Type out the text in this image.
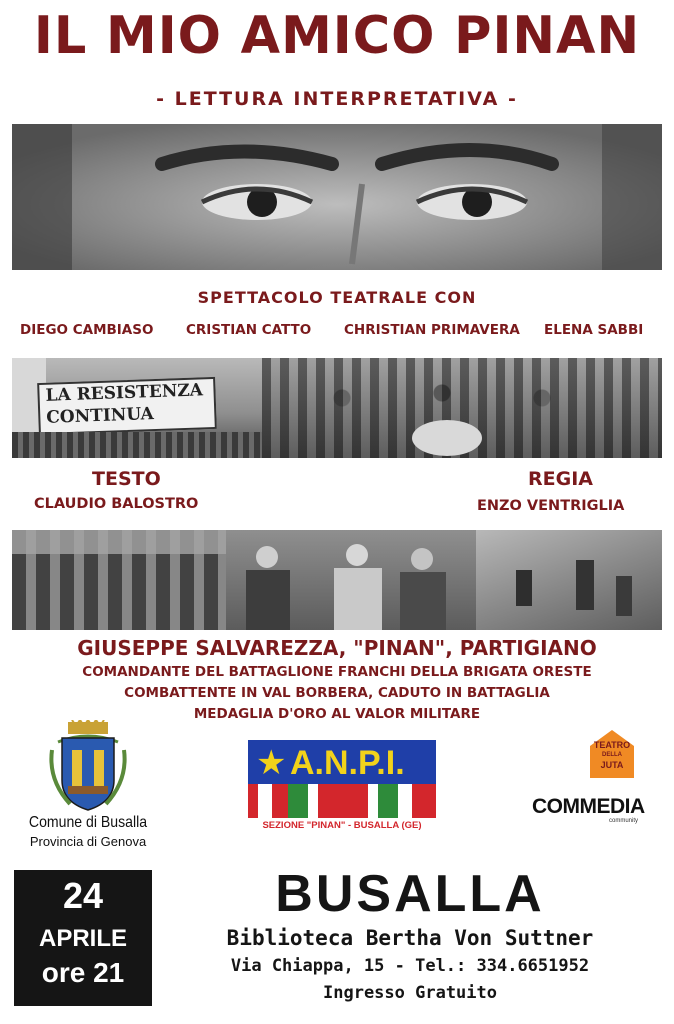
IL MIO AMICO PINAN
- LETTURA INTERPRETATIVA -
SPETTACOLO TEATRALE CON
DIEGO CAMBIASO CRISTIAN CATTO CHRISTIAN PRIMAVERA ELENA SABBI
LA RESISTENZA
CONTINUA
TESTO
CLAUDIO BALOSTRO
REGIA
ENZO VENTRIGLIA
GIUSEPPE SALVAREZZA, "PINAN", PARTIGIANO
COMANDANTE DEL BATTAGLIONE FRANCHI DELLA BRIGATA ORESTE
COMBATTENTE IN VAL BORBERA, CADUTO IN BATTAGLIA
MEDAGLIA D'ORO AL VALOR MILITARE
Comune di Busalla
Provincia di Genova
★ A.N.P.I.
SEZIONE "PINAN" - BUSALLA (GE)
TEATRO
DELLA
JUTA
COMMEDIA
community
24
APRILE
ore 21
BUSALLA
Biblioteca Bertha Von Suttner
Via Chiappa, 15 - Tel.: 334.6651952
Ingresso Gratuito
